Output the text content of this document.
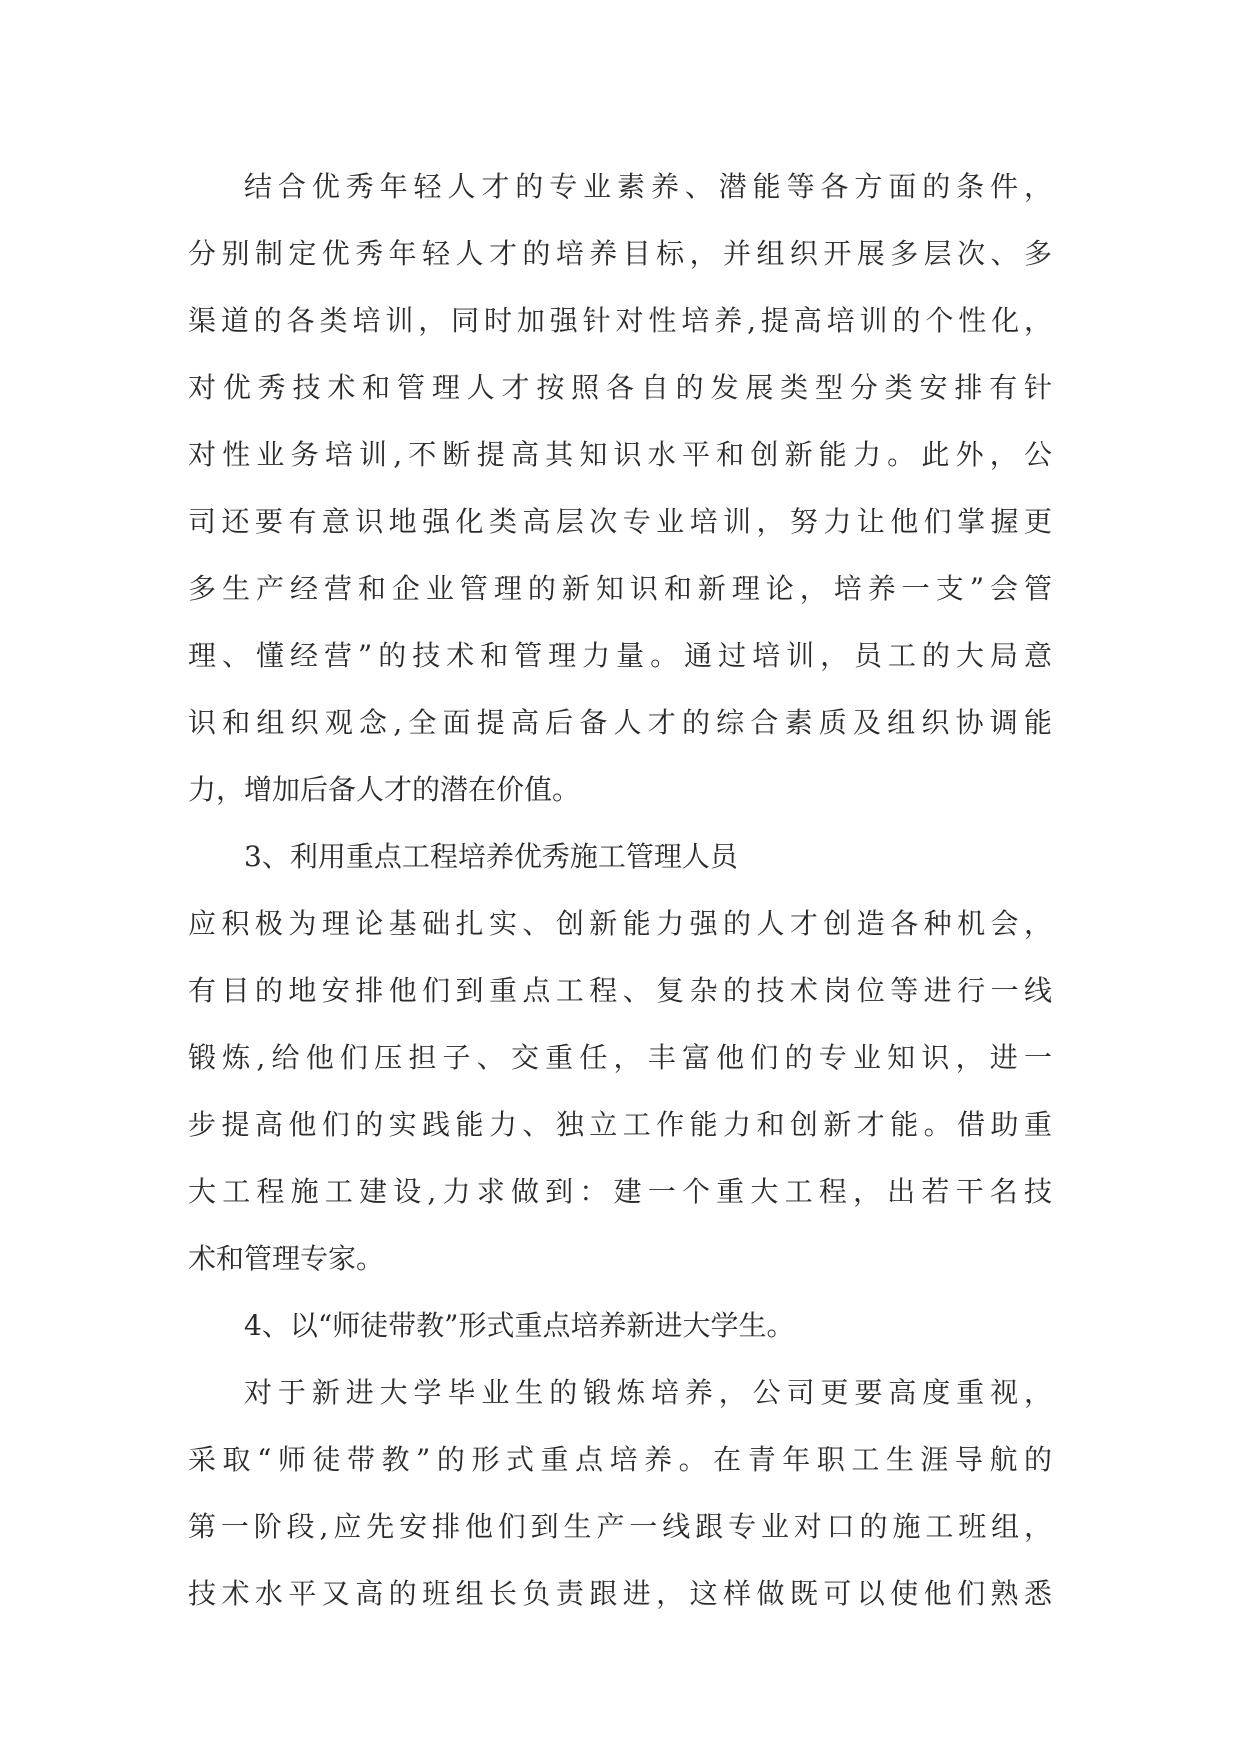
结合优秀年轻人才的专业素养、潜能等各方面的条件，
分别制定优秀年轻人才的培养目标，并组织开展多层次、多
渠道的各类培训，同时加强针对性培养,提高培训的个性化，
对优秀技术和管理人才按照各自的发展类型分类安排有针
对性业务培训,不断提高其知识水平和创新能力。此外，公
司还要有意识地强化类高层次专业培训，努力让他们掌握更
多生产经营和企业管理的新知识和新理论，培养一支”会管
理、懂经营”的技术和管理力量。通过培训，员工的大局意
识和组织观念,全面提高后备人才的综合素质及组织协调能
力，增加后备人才的潜在价值。
3、利用重点工程培养优秀施工管理人员
应积极为理论基础扎实、创新能力强的人才创造各种机会，
有目的地安排他们到重点工程、复杂的技术岗位等进行一线
锻炼,给他们压担子、交重任，丰富他们的专业知识，进一
步提高他们的实践能力、独立工作能力和创新才能。借助重
大工程施工建设,力求做到：建一个重大工程，出若干名技
术和管理专家。
4、以“师徒带教”形式重点培养新进大学生。
对于新进大学毕业生的锻炼培养，公司更要高度重视，
采取“师徒带教”的形式重点培养。在青年职工生涯导航的
第一阶段,应先安排他们到生产一线跟专业对口的施工班组，
技术水平又高的班组长负责跟进，这样做既可以使他们熟悉
